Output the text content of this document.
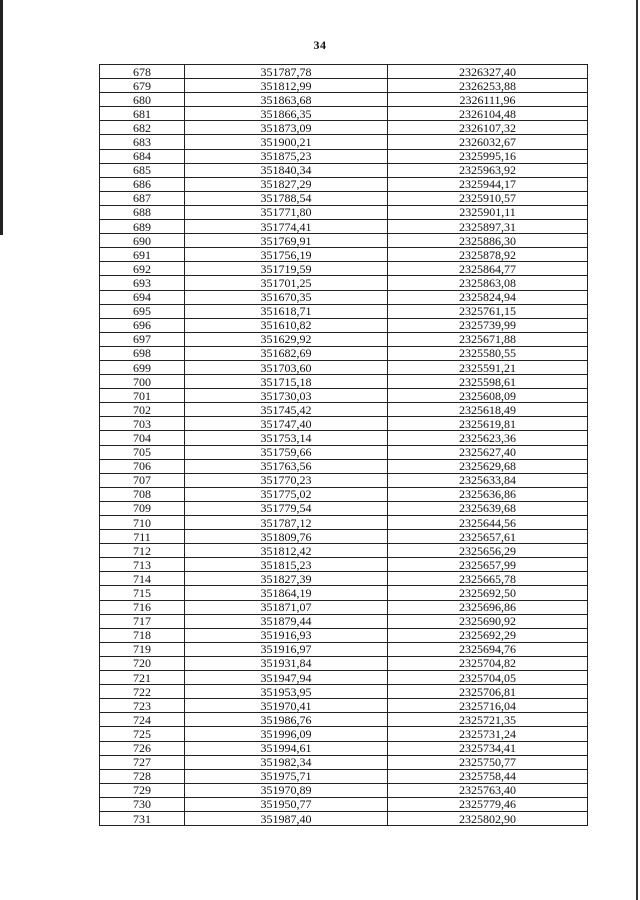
34
678	351787,78	2326327,40
679	351812,99	2326253,88
680	351863,68	2326111,96
681	351866,35	2326104,48
682	351873,09	2326107,32
683	351900,21	2326032,67
684	351875,23	2325995,16
685	351840,34	2325963,92
686	351827,29	2325944,17
687	351788,54	2325910,57
688	351771,80	2325901,11
689	351774,41	2325897,31
690	351769,91	2325886,30
691	351756,19	2325878,92
692	351719,59	2325864,77
693	351701,25	2325863,08
694	351670,35	2325824,94
695	351618,71	2325761,15
696	351610,82	2325739,99
697	351629,92	2325671,88
698	351682,69	2325580,55
699	351703,60	2325591,21
700	351715,18	2325598,61
701	351730,03	2325608,09
702	351745,42	2325618,49
703	351747,40	2325619,81
704	351753,14	2325623,36
705	351759,66	2325627,40
706	351763,56	2325629,68
707	351770,23	2325633,84
708	351775,02	2325636,86
709	351779,54	2325639,68
710	351787,12	2325644,56
711	351809,76	2325657,61
712	351812,42	2325656,29
713	351815,23	2325657,99
714	351827,39	2325665,78
715	351864,19	2325692,50
716	351871,07	2325696,86
717	351879,44	2325690,92
718	351916,93	2325692,29
719	351916,97	2325694,76
720	351931,84	2325704,82
721	351947,94	2325704,05
722	351953,95	2325706,81
723	351970,41	2325716,04
724	351986,76	2325721,35
725	351996,09	2325731,24
726	351994,61	2325734,41
727	351982,34	2325750,77
728	351975,71	2325758,44
729	351970,89	2325763,40
730	351950,77	2325779,46
731	351987,40	2325802,90
